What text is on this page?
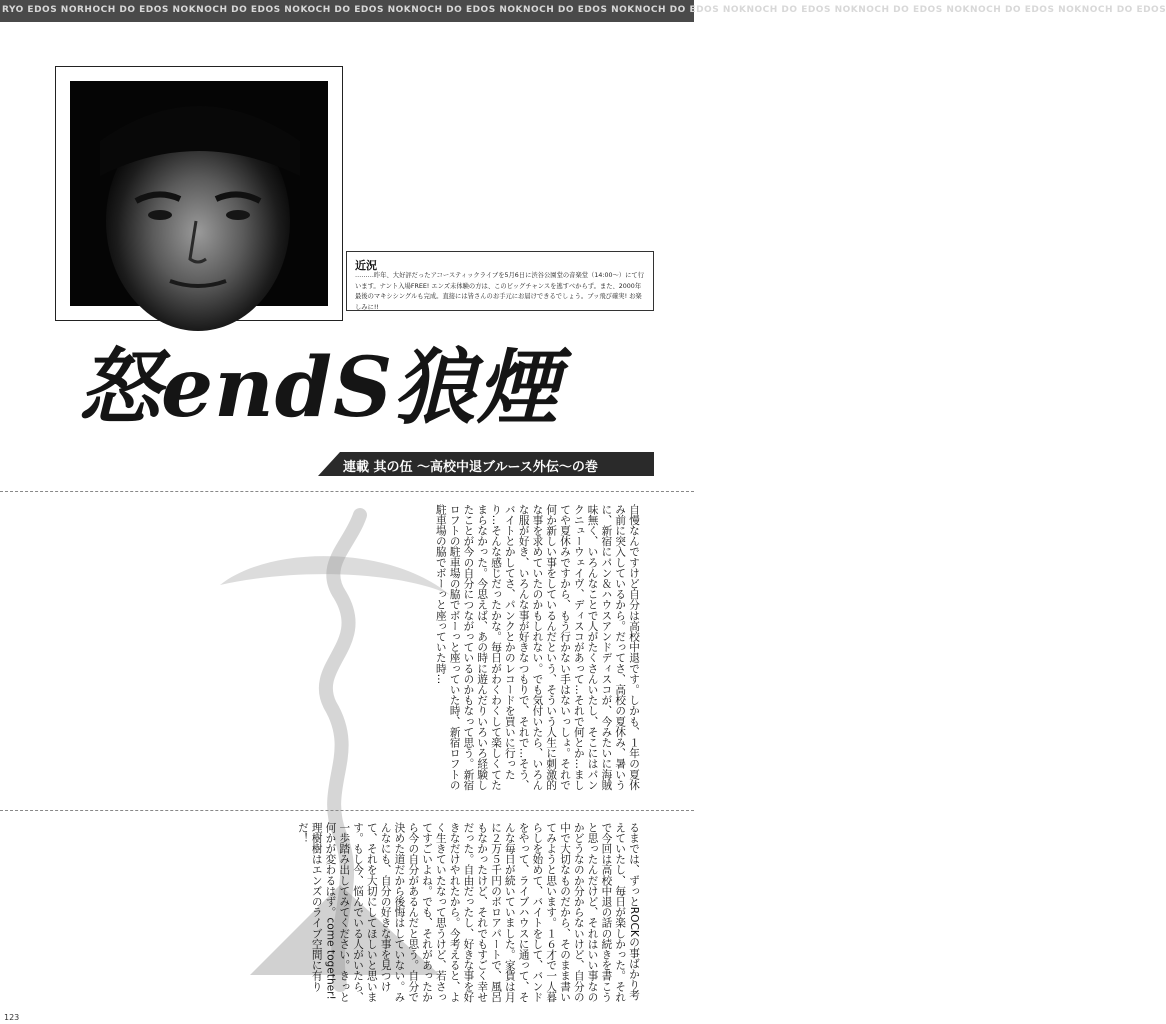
RYO EDOS NORHOCH DO EDOS NOKNOCH DO EDOS NOKOCH DO EDOS NOKNOCH DO EDOS NOKNOCH DO EDOS NOKNOCH DO EDOS NOKNOCH DO EDOS NOKNOCH DO EDOS NOKNOCH DO EDOS NOKNOCH DO EDOS
近況
………昨年、大好評だったアコースティックライブを5月6日に渋谷公園堂の音楽堂（14:00〜）にて行います。ナント入場FREE! エンズ未体験の方は、このビッグチャンスを逃すべからず。また、2000年最後のマキシシングルも完成。直接には皆さんのお手元にお届けできるでしょう。ブッ飛び確実! お楽しみに!!
怒endS狼煙
連載 其の伍 〜高校中退ブルース外伝〜の巻
自慢なんですけど自分は高校中退です。しかも、１年の夏休み前に突入しているから。だってさ、高校の夏休み、暑いうに、新宿にパン＆ハウスアンドディスコが、今みたいに海賊味無く、いろんなことで人がたくさんいたし、そこにはパンクニューウェイヴ、ディスコがあって…それで何とか…ましてや夏休みですから、もう行かない手はないっしょ。それで何か新しい事をしているんだという、そういう人生に刺激的な事を求めていたのかもしれない。でも気付いたら、いろんな服が好き、いろんな事が好きなつもりで、それで…そう、バイトとかしてさ、パンクとかのレコードを買いに行ったり…そんな感じだったかな。毎日がわくわくして楽しくてたまらなかった。今思えば、あの時に遊んだりいろいろ経験したことが今の自分につながっているのかもなって思う。新宿ロフトの駐車場の脇でボーっと座っていた時、新宿ロフトの駐車場の脇でボーっと座っていた時…
るまでは、ずっとROCKの事ばかり考えていたし、毎日が楽しかった。それで今回は高校中退の話の続きを書こうと思ったんだけど、それはいい事なのかどうなのか分からないけど、自分の中で大切なものだから、そのまま書いてみようと思います。１６才で一人暮らしを始めて、バイトをして、バンドをやって、ライブハウスに通って、そんな毎日が続いていました。家賃は月に２万５千円のボロアパートで、風呂もなかったけど、それでもすごく幸せだった。自由だったし、好きな事を好きなだけやれたから。今考えると、よく生きていたなって思うけど、若さってすごいよね。でも、それがあったから今の自分があるんだと思う。自分で決めた道だから後悔はしていない。みんなにも、自分の好きな事を見つけて、それを大切にしてほしいと思います。もし今、悩んでいる人がいたら、一歩踏み出してみてください。きっと何かが変わるはず。come together! 理樹樹はエンズのライブ空間に有りだ！
123
